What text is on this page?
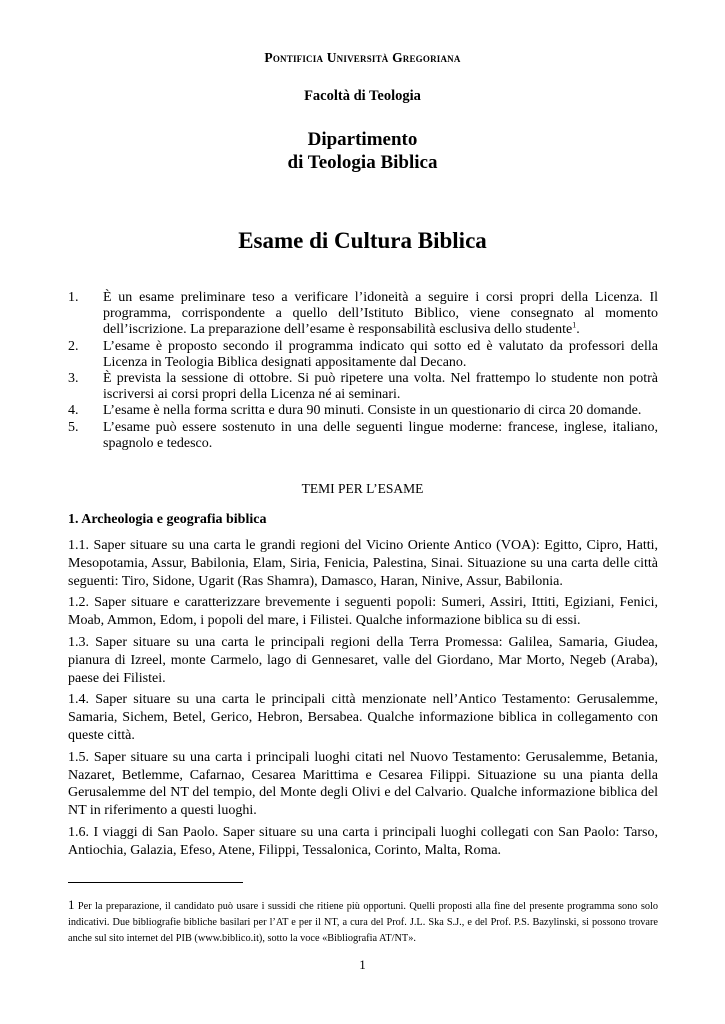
Pontificia Università Gregoriana
Facoltà di Teologia
Dipartimento
di Teologia Biblica
Esame di Cultura Biblica
1.	È un esame preliminare teso a verificare l’idoneità a seguire i corsi propri della Licenza. Il programma, corrispondente a quello dell’Istituto Biblico, viene consegnato al momento dell’iscrizione. La preparazione dell’esame è responsabilità esclusiva dello studente$^1$.
2.	L’esame è proposto secondo il programma indicato qui sotto ed è valutato da professori della Licenza in Teologia Biblica designati appositamente dal Decano.
3.	È prevista la sessione di ottobre. Si può ripetere una volta. Nel frattempo lo studente non potrà iscriversi ai corsi propri della Licenza né ai seminari.
4.	L’esame è nella forma scritta e dura 90 minuti. Consiste in un questionario di circa 20 domande.
5.	L’esame può essere sostenuto in una delle seguenti lingue moderne: francese, inglese, italiano, spagnolo e tedesco.
TEMI PER L’ESAME
1. Archeologia e geografia biblica

1.1. Saper situare su una carta le grandi regioni del Vicino Oriente Antico (VOA): Egitto, Cipro, Hatti, Mesopotamia, Assur, Babilonia, Elam, Siria, Fenicia, Palestina, Sinai. Situazione su una carta delle città seguenti: Tiro, Sidone, Ugarit (Ras Shamra), Damasco, Haran, Ninive, Assur, Babilonia.

1.2. Saper situare e caratterizzare brevemente i seguenti popoli: Sumeri, Assiri, Ittiti, Egiziani, Fenici, Moab, Ammon, Edom, i popoli del mare, i Filistei. Qualche informazione biblica su di essi.

1.3. Saper situare su una carta le principali regioni della Terra Promessa: Galilea, Samaria, Giudea, pianura di Izreel, monte Carmelo, lago di Gennesaret, valle del Giordano, Mar Morto, Negeb (Araba), paese dei Filistei.

1.4. Saper situare su una carta le principali città menzionate nell’Antico Testamento: Gerusalemme, Samaria, Sichem, Betel, Gerico, Hebron, Bersabea. Qualche informazione biblica in collegamento con queste città.

1.5. Saper situare su una carta i principali luoghi citati nel Nuovo Testamento: Gerusalemme, Betania, Nazaret, Betlemme, Cafarnao, Cesarea Marittima e Cesarea Filippi. Situazione su una pianta della Gerusalemme del NT del tempio, del Monte degli Olivi e del Calvario. Qualche informazione biblica del NT in riferimento a questi luoghi.

1.6. I viaggi di San Paolo. Saper situare su una carta i principali luoghi collegati con San Paolo: Tarso, Antiochia, Galazia, Efeso, Atene, Filippi, Tessalonica, Corinto, Malta, Roma.

1 Per la preparazione, il candidato può usare i sussidi che ritiene più opportuni. Quelli proposti alla fine del presente programma sono solo indicativi. Due bibliografie bibliche basilari per l’AT e per il NT, a cura del Prof. J.L. Ska S.J., e del Prof. P.S. Bazylinski, si possono trovare anche sul sito internet del PIB (www.biblico.it), sotto la voce «Bibliografia AT/NT».
1
